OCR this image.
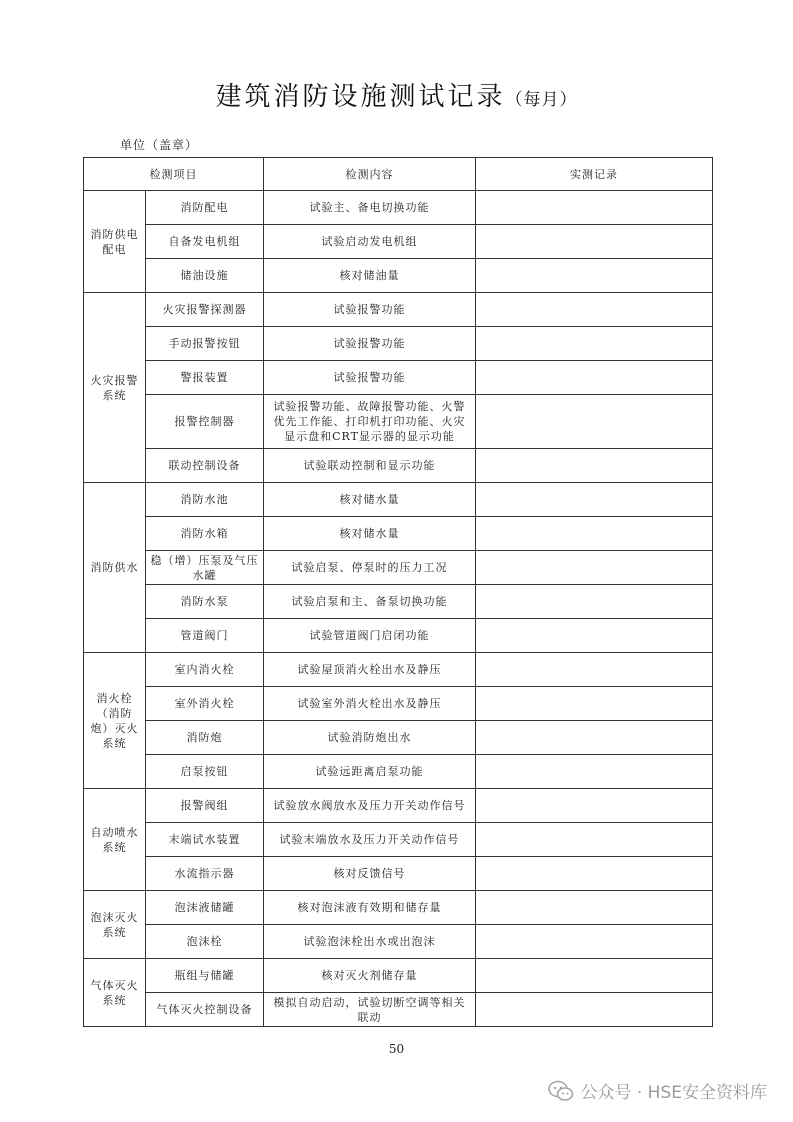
建筑消防设施测试记录（每月）
单位（盖章）
检测项目		检测内容	实测记录
消防供电 配电	消防配电	试验主、备电切换功能	
	自备发电机组	试验启动发电机组	
	储油设施	核对储油量	
火灾报警系统	火灾报警探测器	试验报警功能	
	手动报警按钮	试验报警功能	
	警报装置	试验报警功能	
	报警控制器	试验报警功能、故障报警功能、火警优先工作能、打印机打印功能、火灾显示盘和CRT显示器的显示功能	
	联动控制设备	试验联动控制和显示功能	
消防供水	消防水池	核对储水量	
	消防水箱	核对储水量	
	稳（增）压泵及气压水罐	试验启泵、停泵时的压力工况	
	消防水泵	试验启泵和主、备泵切换功能	
	管道阀门	试验管道阀门启闭功能	
消火栓（消防炮）灭火系统	室内消火栓	试验屋顶消火栓出水及静压	
	室外消火栓	试验室外消火栓出水及静压	
	消防炮	试验消防炮出水	
	启泵按钮	试验远距离启泵功能	
自动喷水系统	报警阀组	试验放水阀放水及压力开关动作信号	
	末端试水装置	试验末端放水及压力开关动作信号	
	水流指示器	核对反馈信号	
泡沫灭火系统	泡沫液储罐	核对泡沫液有效期和储存量	
	泡沫栓	试验泡沫栓出水或出泡沫	
气体灭火系统	瓶组与储罐	核对灭火剂储存量	
	气体灭火控制设备	模拟自动启动，试验切断空调等相关联动	
50
公众号 · HSE安全资料库
